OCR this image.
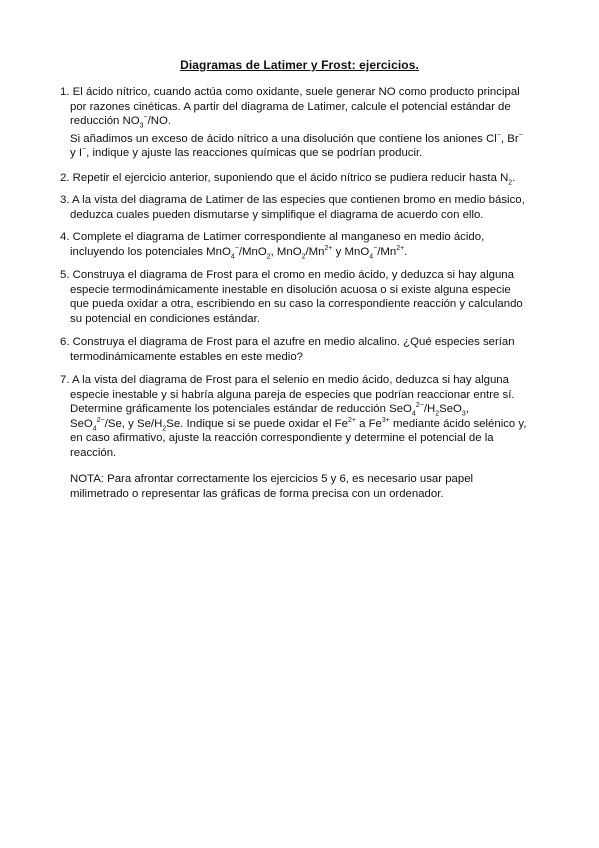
Diagramas de Latimer y Frost: ejercicios.
1. El ácido nítrico, cuando actúa como oxidante, suele generar NO como producto principal
por razones cinéticas. A partir del diagrama de Latimer, calcule el potencial estándar de
reducción $NO_3^-/NO$.
Si añadimos un exceso de ácido nítrico a una disolución que contiene los aniones Cl−, Br−
y I−, indique y ajuste las reacciones químicas que se podrían producir.
2. Repetir el ejercicio anterior, suponiendo que el ácido nítrico se pudiera reducir hasta $N_2$.
3. A la vista del diagrama de Latimer de las especies que contienen bromo en medio básico,
deduzca cuales pueden dismutarse y simplifique el diagrama de acuerdo con ello.
4. Complete el diagrama de Latimer correspondiente al manganeso en medio ácido,
incluyendo los potenciales MnO$_4$−/MnO$_2$, $MnO_2/Mn^{2+}$ y $MnO_4^-/Mn^{2+}$.
5. Construya el diagrama de Frost para el cromo en medio ácido, y deduzca si hay alguna
especie termodinámicamente inestable en disolución acuosa o si existe alguna especie
que pueda oxidar a otra, escribiendo en su caso la correspondiente reacción y calculando
su potencial en condiciones estándar.
6. Construya el diagrama de Frost para el azufre en medio alcalino. ¿Qué especies serían
termodinámicamente estables en este medio?
7. A la vista del diagrama de Frost para el selenio en medio ácido, deduzca si hay alguna
especie inestable y si habría alguna pareja de especies que podrían reaccionar entre sí.
Determine gráficamente los potenciales estándar de reducción $SeO_4^{2-}/H_2SeO_3$,
SeO$_4^{2-}$/Se, y $Se/H_2Se$. Indique si se puede oxidar el $Fe^{2+}$ a $Fe^{3+}$ mediante ácido selénico y,
en caso afirmativo, ajuste la reacción correspondiente y determine el potencial de la
reacción.
NOTA: Para afrontar correctamente los ejercicios 5 y 6, es necesario usar papel
milimetrado o representar las gráficas de forma precisa con un ordenador.
